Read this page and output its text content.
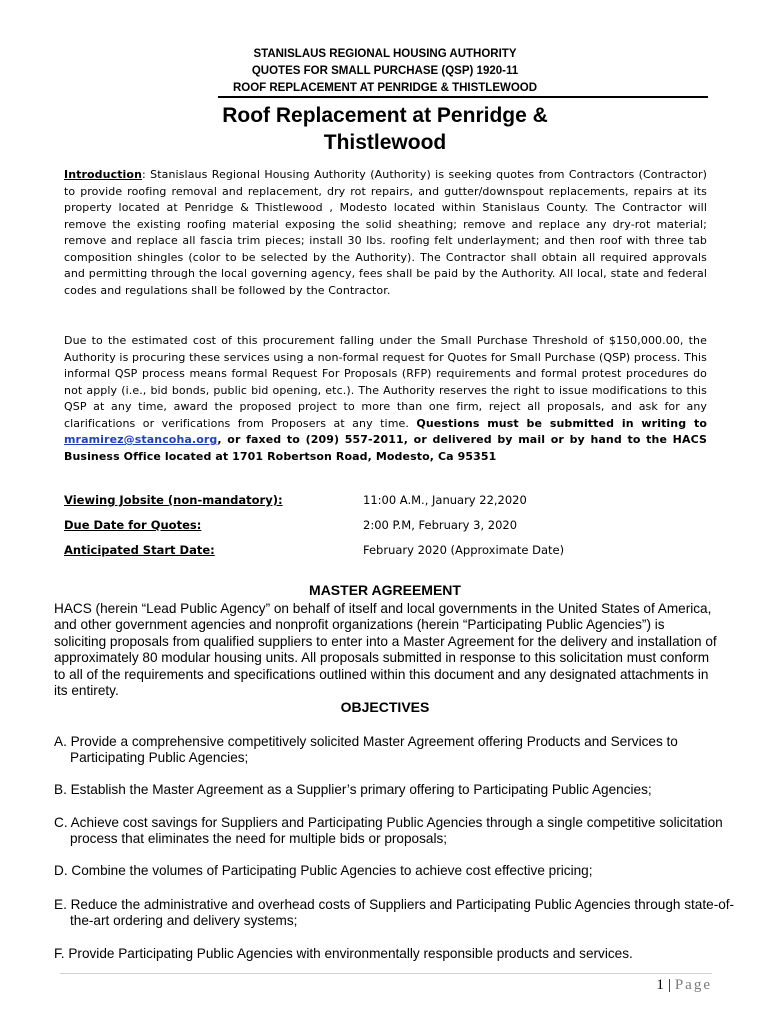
STANISLAUS REGIONAL HOUSING AUTHORITY
QUOTES FOR SMALL PURCHASE (QSP) 1920-11
ROOF REPLACEMENT AT PENRIDGE & THISTLEWOOD
Roof Replacement at Penridge &
Thistlewood
Introduction: Stanislaus Regional Housing Authority (Authority) is seeking quotes from Contractors (Contractor) to provide roofing removal and replacement, dry rot repairs, and gutter/downspout replacements, repairs at its property located at Penridge & Thistlewood , Modesto located within Stanislaus County. The Contractor will remove the existing roofing material exposing the solid sheathing; remove and replace any dry-rot material; remove and replace all fascia trim pieces; install 30 lbs. roofing felt underlayment; and then roof with three tab composition shingles (color to be selected by the Authority). The Contractor shall obtain all required approvals and permitting through the local governing agency, fees shall be paid by the Authority. All local, state and federal codes and regulations shall be followed by the Contractor.
Due to the estimated cost of this procurement falling under the Small Purchase Threshold of $150,000.00, the Authority is procuring these services using a non-formal request for Quotes for Small Purchase (QSP) process. This informal QSP process means formal Request For Proposals (RFP) requirements and formal protest procedures do not apply (i.e., bid bonds, public bid opening, etc.). The Authority reserves the right to issue modifications to this QSP at any time, award the proposed project to more than one firm, reject all proposals, and ask for any clarifications or verifications from Proposers at any time. Questions must be submitted in writing to mramirez@stancoha.org, or faxed to (209) 557-2011, or delivered by mail or by hand to the HACS Business Office located at 1701 Robertson Road, Modesto, Ca 95351
Viewing Jobsite (non-mandatory):	11:00 A.M., January 22,2020
Due Date for Quotes:	2:00 P.M, February 3, 2020
Anticipated Start Date:	February 2020 (Approximate Date)
MASTER AGREEMENT
HACS (herein “Lead Public Agency” on behalf of itself and local governments in the United States of America, and other government agencies and nonprofit organizations (herein “Participating Public Agencies”) is soliciting proposals from qualified suppliers to enter into a Master Agreement for the delivery and installation of approximately 80 modular housing units. All proposals submitted in response to this solicitation must conform to all of the requirements and specifications outlined within this document and any designated attachments in its entirety.
OBJECTIVES
A. Provide a comprehensive competitively solicited Master Agreement offering Products and Services to Participating Public Agencies;
B. Establish the Master Agreement as a Supplier’s primary offering to Participating Public Agencies;
C. Achieve cost savings for Suppliers and Participating Public Agencies through a single competitive solicitation process that eliminates the need for multiple bids or proposals;
D. Combine the volumes of Participating Public Agencies to achieve cost effective pricing;
E. Reduce the administrative and overhead costs of Suppliers and Participating Public Agencies through state-of-the-art ordering and delivery systems;
F. Provide Participating Public Agencies with environmentally responsible products and services.
1 | Page
